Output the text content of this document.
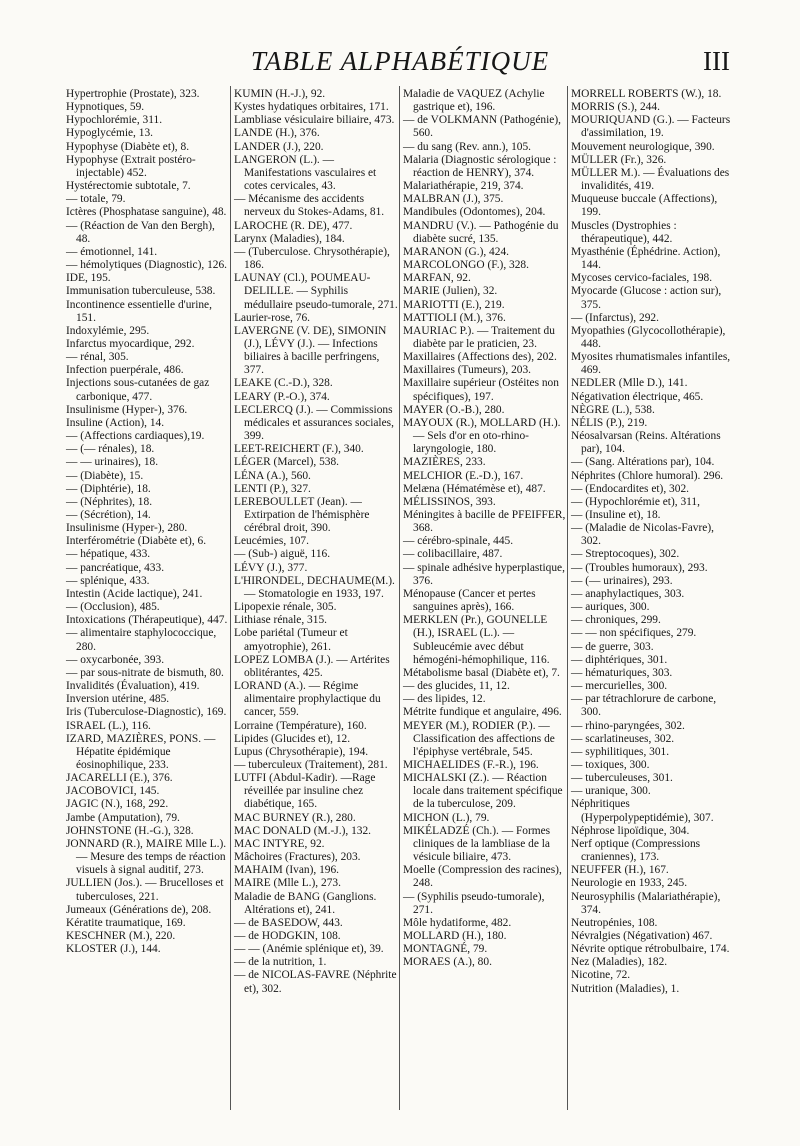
TABLE ALPHABÉTIQUE	III
Hypertrophie (Prostate), 323.
Hypnotiques, 59.
Hypochlorémie, 311.
Hypoglycémie, 13.
Hypophyse (Diabète et), 8.
Hypophyse (Extrait postéro-injectable) 452.
Hystérectomie subtotale, 7.
— totale, 79.
Ictères (Phosphatase sanguine), 48.
— (Réaction de Van den Bergh), 48.
— émotionnel, 141.
— hémolytiques (Diagnostic), 126.
IDE, 195.
Immunisation tuberculeuse, 538.
Incontinence essentielle d'urine, 151.
Indoxylémie, 295.
Infarctus myocardique, 292.
— rénal, 305.
Infection puerpérale, 486.
Injections sous-cutanées de gaz carbonique, 477.
Insulinisme (Hyper-), 376.
Insuline (Action), 14.
— (Affections cardiaques),19.
— (— rénales), 18.
— — urinaires), 18.
— (Diabète), 15.
— (Diphtérie), 18.
— (Néphrites), 18.
— (Sécrétion), 14.
Insulinisme (Hyper-), 280.
Interférométrie (Diabète et), 6.
— hépatique, 433.
— pancréatique, 433.
— splénique, 433.
Intestin (Acide lactique), 241.
— (Occlusion), 485.
Intoxications (Thérapeutique), 447.
— alimentaire staphylococcique, 280.
— oxycarbonée, 393.
— par sous-nitrate de bismuth, 80.
Invalidités (Évaluation), 419.
Inversion utérine, 485.
Iris (Tuberculose-Diagnostic), 169.
ISRAEL (L.), 116.
IZARD, MAZIÈRES, PONS. — Hépatite épidémique éosinophilique, 233.
JACARELLI (E.), 376.
JACOBOVICI, 145.
JAGIC (N.), 168, 292.
Jambe (Amputation), 79.
JOHNSTONE (H.-G.), 328.
JONNARD (R.), MAIRE Mlle L.). — Mesure des temps de réaction visuels à signal auditif, 273.
JULLIEN (Jos.). — Brucelloses et tuberculoses, 221.
Jumeaux (Générations de), 208.
Kératite traumatique, 169.
KESCHNER (M.), 220.
KLOSTER (J.), 144.
KUMIN (H.-J.), 92.
Kystes hydatiques orbitaires, 171.
Lambliase vésiculaire biliaire, 473.
LANDE (H.), 376.
LANDER (J.), 220.
LANGERON (L.). — Manifestations vasculaires et cotes cervicales, 43.
— Mécanisme des accidents nerveux du Stokes-Adams, 81.
LAROCHE (R. DE), 477.
Larynx (Maladies), 184.
— (Tuberculose. Chrysothérapie), 186.
LAUNAY (Cl.), POUMEAU-DELILLE. — Syphilis médullaire pseudo-tumorale, 271.
Laurier-rose, 76.
LAVERGNE (V. DE), SIMONIN (J.), LÉVY (J.). — Infections biliaires à bacille perfringens, 377.
LEAKE (C.-D.), 328.
LEARY (P.-O.), 374.
LECLERCQ (J.). — Commissions médicales et assurances sociales, 399.
LEET-REICHERT (F.), 340.
LÉGER (Marcel), 538.
LÉNA (A.), 560.
LENTI (P.), 327.
LEREBOULLET (Jean). — Extirpation de l'hémisphère cérébral droit, 390.
Leucémies, 107.
— (Sub-) aiguë, 116.
LÉVY (J.), 377.
L'HIRONDEL, DECHAUME(M.). — Stomatologie en 1933, 197.
Lipopexie rénale, 305.
Lithiase rénale, 315.
Lobe pariétal (Tumeur et amyotrophie), 261.
LOPEZ LOMBA (J.). — Artérites oblitérantes, 425.
LORAND (A.). — Régime alimentaire prophylactique du cancer, 559.
Lorraine (Température), 160.
Lipides (Glucides et), 12.
Lupus (Chrysothérapie), 194.
— tuberculeux (Traitement), 281.
LUTFI (Abdul-Kadir). —Rage réveillée par insuline chez diabétique, 165.
MAC BURNEY (R.), 280.
MAC DONALD (M.-J.), 132.
MAC INTYRE, 92.
Mâchoires (Fractures), 203.
MAHAIM (Ivan), 196.
MAIRE (Mlle L.), 273.
Maladie de BANG (Ganglions. Altérations et), 241.
— de BASEDOW, 443.
— de HODGKIN, 108.
— — (Anémie splénique et), 39.
— de la nutrition, 1.
— de NICOLAS-FAVRE (Néphrite et), 302.
Maladie de VAQUEZ (Achylie gastrique et), 196.
— de VOLKMANN (Pathogénie), 560.
— du sang (Rev. ann.), 105.
Malaria (Diagnostic sérologique : réaction de HENRY), 374.
Malariathérapie, 219, 374.
MALBRAN (J.), 375.
Mandibules (Odontomes), 204.
MANDRU (V.). — Pathogénie du diabète sucré, 135.
MARANON (G.), 424.
MARCOLONGO (F.), 328.
MARFAN, 92.
MARIE (Julien), 32.
MARIOTTI (E.), 219.
MATTIOLI (M.), 376.
MAURIAC P.). — Traitement du diabète par le praticien, 23.
Maxillaires (Affections des), 202.
Maxillaires (Tumeurs), 203.
Maxillaire supérieur (Ostéites non spécifiques), 197.
MAYER (O.-B.), 280.
MAYOUX (R.), MOLLARD (H.). — Sels d'or en oto-rhino-laryngologie, 180.
MAZIÈRES, 233.
MELCHIOR (E.-D.), 167.
Melæna (Hématémèse et), 487.
MÉLISSINOS, 393.
Méningites à bacille de PFEIFFER, 368.
— cérébro-spinale, 445.
— colibacillaire, 487.
— spinale adhésive hyperplastique, 376.
Ménopause (Cancer et pertes sanguines après), 166.
MERKLEN (Pr.), GOUNELLE (H.), ISRAEL (L.). — Subleucémie avec début hémogéni-hémophilique, 116.
Métabolisme basal (Diabète et), 7.
— des glucides, 11, 12.
— des lipides, 12.
Métrite fundique et angulaire, 496.
MEYER (M.), RODIER (P.). — Classification des affections de l'épiphyse vertébrale, 545.
MICHAELIDES (F.-R.), 196.
MICHALSKI (Z.). — Réaction locale dans traitement spécifique de la tuberculose, 209.
MICHON (L.), 79.
MIKÉLADZÉ (Ch.). — Formes cliniques de la lambliase de la vésicule biliaire, 473.
Moelle (Compression des racines), 248.
— (Syphilis pseudo-tumorale), 271.
Môle hydatiforme, 482.
MOLLARD (H.), 180.
MONTAGNÉ, 79.
MORAES (A.), 80.
MORRELL ROBERTS (W.), 18.
MORRIS (S.), 244.
MOURIQUAND (G.). — Facteurs d'assimilation, 19.
Mouvement neurologique, 390.
MÜLLER (Fr.), 326.
MÜLLER M.). — Évaluations des invalidités, 419.
Muqueuse buccale (Affections), 199.
Muscles (Dystrophies : thérapeutique), 442.
Myasthénie (Éphédrine. Action), 144.
Mycoses cervico-faciales, 198.
Myocarde (Glucose : action sur), 375.
— (Infarctus), 292.
Myopathies (Glycocollothérapie), 448.
Myosites rhumatismales infantiles, 469.
NEDLER (Mlle D.), 141.
Négativation électrique, 465.
NÈGRE (L.), 538.
NÉLIS (P.), 219.
Néosalvarsan (Reins. Altérations par), 104.
— (Sang. Altérations par), 104.
Néphrites (Chlore humoral). 296.
— (Endocardites et), 302.
— (Hypochlorémie et), 311,
— (Insuline et), 18.
— (Maladie de Nicolas-Favre), 302.
— Streptocoques), 302.
— (Troubles humoraux), 293.
— (— urinaires), 293.
— anaphylactiques, 303.
— auriques, 300.
— chroniques, 299.
— — non spécifiques, 279.
— de guerre, 303.
— diphtériques, 301.
— hématuriques, 303.
— mercurielles, 300.
— par tétrachlorure de carbone, 300.
— rhino-paryngées, 302.
— scarlatineuses, 302.
— syphilitiques, 301.
— toxiques, 300.
— tuberculeuses, 301.
— uranique, 300.
Néphritiques (Hyperpolypeptidémie), 307.
Néphrose lipoïdique, 304.
Nerf optique (Compressions craniennes), 173.
NEUFFER (H.), 167.
Neurologie en 1933, 245.
Neurosyphilis (Malariathérapie), 374.
Neutropénies, 108.
Névralgies (Négativation) 467.
Névrite optique rétrobulbaire, 174.
Nez (Maladies), 182.
Nicotine, 72.
Nutrition (Maladies), 1.
